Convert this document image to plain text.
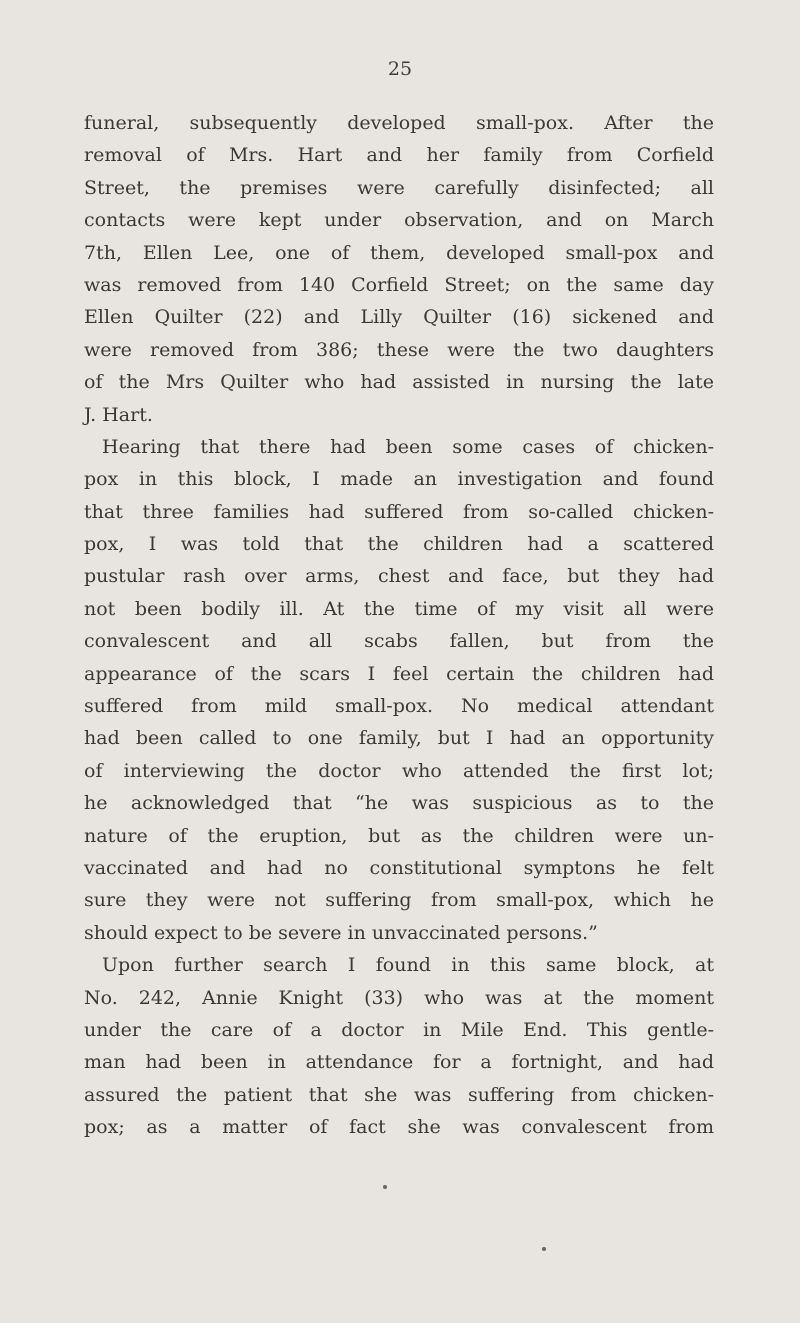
25
funeral, subsequently developed small-pox. After the
removal of Mrs. Hart and her family from Corfield
Street, the premises were carefully disinfected; all
contacts were kept under observation, and on March
7th, Ellen Lee, one of them, developed small-pox and
was removed from 140 Corfield Street; on the same day
Ellen Quilter (22) and Lilly Quilter (16) sickened and
were removed from 386; these were the two daughters
of the Mrs Quilter who had assisted in nursing the late
J. Hart.
Hearing that there had been some cases of chicken-
pox in this block, I made an investigation and found
that three families had suffered from so-called chicken-
pox, I was told that the children had a scattered
pustular rash over arms, chest and face, but they had
not been bodily ill. At the time of my visit all were
convalescent and all scabs fallen, but from the
appearance of the scars I feel certain the children had
suffered from mild small-pox. No medical attendant
had been called to one family, but I had an opportunity
of interviewing the doctor who attended the first lot;
he acknowledged that “he was suspicious as to the
nature of the eruption, but as the children were un-
vaccinated and had no constitutional symptons he felt
sure they were not suffering from small-pox, which he
should expect to be severe in unvaccinated persons.”
Upon further search I found in this same block, at
No. 242, Annie Knight (33) who was at the moment
under the care of a doctor in Mile End. This gentle-
man had been in attendance for a fortnight, and had
assured the patient that she was suffering from chicken-
pox; as a matter of fact she was convalescent from
